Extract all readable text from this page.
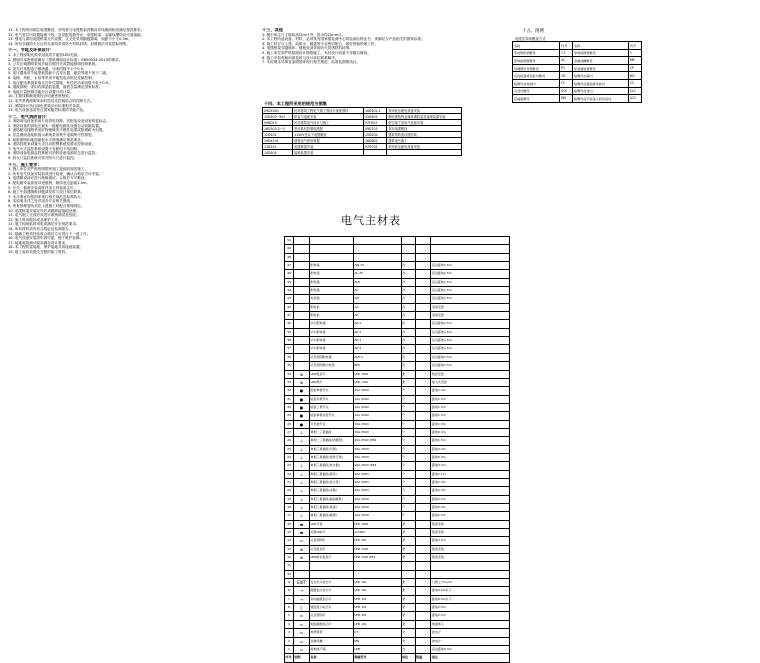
11. 本工程采用铜芯电缆敷设，穿线管与电缆桥架内敷设导线截面积须满足规范要求。
12. 电气竖井内设置接地干线，各层配电箱外壳、电缆桥架、金属线槽均应可靠接地。
13. 强电与弱电电缆桥架分开设置，交叉处采用隔板隔离，间距不小于0.3m。
14. 所有穿越防火分区的孔洞均采用防火材料封堵，封堵做法详见国标图集。
十一、节能及环保设计：
1. 本工程照明光源采用高效节能型LED光源。
2. 照明功率密度值满足《建筑照明设计标准》GB50034-2013的要求。
3. 公共区域照明采用节能自熄开关或智能照明控制系统。
4. 荧光灯具配电子镇流器，功率因数不小于0.9。
5. 变压器选用节能型低损耗干式变压器，能效等级不低于二级。
6. 电梯、风机、水泵等采用节能型电动机及变频控制。
7. 低压配电系统采取无功补偿措施，补偿后功率因数不低于0.9。
8. 谐波抑制：采用有源滤波装置，谐波含量满足国家标准。
9. 电能计量按照功能分区设置分项计量。
10. 主要线路截面按经济电流密度校验。
11. 室外景观照明采用时控及光控相结合的控制方式。
12. 照明设计执行绿色建筑评价标准相关条款。
13. 电气设备选用符合国家能效标准的节能产品。
十二、电气消防设计：
1. 消防用电设备采用专用供电回路，其配电设备设有明显标志。
2. 消防设备的供电在最末一级配电箱处设置自动切换装置。
3. 消防配电线路采用矿物绝缘类不燃性电缆或阻燃耐火电缆。
4. 应急照明及疏散指示系统采用集中电源集中控制型。
5. 疏散照明的地面最低水平照度满足规范要求。
6. 消防控制室设置火灾自动报警系统及联动控制设备。
7. 电气火灾监控系统设置于各配电干线回路。
8. 消防设备电源监控系统对消防设备电源状态进行监控。
9. 防火门监控系统对常开防火门进行监控。
十三、施工要求：
1. 施工单位须严格按照国家施工及验收规范施工。
2. 所有电气设备安装前须进行检查，确认合格后方可安装。
3. 电缆敷设前应进行绝缘测试，合格后方可敷设。
4. 配电箱安装高度详见图例，箱体底边距地1.5m。
5. 开关、插座安装高度详见主材表备注栏。
6. 施工中如遇图纸问题请及时与设计单位联系。
7. 未尽事宜均按国家现行相关规范及标准执行。
8. 本说明未详之处详见各专业相关图纸。
9. 所有预埋管线须在土建施工时配合预埋到位。
10. 电缆桥架安装完毕后须做跨接接地处理。
11. 电气施工完成后须进行系统调试及验收。
12. 施工时须做好成品保护工作。
13. 施工现场临时用电须满足安全规范要求。
14. 所有材料须具有合格证及检测报告。
15. 隐蔽工程须经验收合格后方可进行下一道工序。
16. 电气设备安装须牢固可靠，便于维护检修。
17. 接地电阻测试值须满足设计要求。
18. 本工程防雷接地、保护接地共用接地装置。
19. 竣工验收须提交完整的竣工资料。
十三、其他
1. 图中所注尺寸除标高以m计外，其余均以mm计。
2. 本工程所选设备、材料，必须具有国家级检测中心的检测合格证书，须满足与产品相关的国家标准。
3. 施工时应与土建、给排水、暖通等专业密切配合，做好预留预埋工作。
4. 电缆桥架穿越墙体、楼板处须采用防火封堵材料封堵。
5. 施工单位须严格按照设计图纸施工，未经设计同意不得擅自修改。
6. 施工中如有疑问请及时与设计单位联系解决。
7. 本说明未尽事宜参照国家现行相关规范、标准及图集执行。
十四、本工程所采用的规范与图集
09DX003	民用建筑工程电气施工图设计深度图样	16D202-1	常用低压配电设备安装
15D500~502	防雷与接地安装	15D503	利用建筑物金属体做防雷及接地装置安装
09BD19	民用建筑电气设计与施工	07FD02	防空地下室电气设备安装
16D303-2~3	常用风机控制电路图	09D703	常用电缆敷设
12D101	110kV及以下电缆敷设	15D202	建筑物防雷设施安装
19DX101	建筑电气常用数据	18D802	建筑电气施工
13D101	电缆桥架安装	07D702	常用低压配电设备安装
14D504	接地装置安装		
十五、图例
电缆及导线敷设方式
名称	代号	名称	代号
穿电缆桥架敷设	CT	穿焊接钢管敷设	F
穿焊接钢管敷设	SC	金属线槽敷设	MR
穿硬塑料导管敷设	PC	穿金属软管敷设	CP
沿顶板面或顶板内敷设	CE	暗敷设在墙内	WC
暗敷设在地面内	FC	暗敷设在屋面或顶板内	CC
吊顶内敷设	SCE	暗敷设在柱内	CLC
沿墙面敷设	WS	暗敷设在不能进人的吊顶内	ACC
电气主材表
50						
49						
48						
47		配电箱	AW-1T	台		底边距地1.5m
46		配电箱	AL-1F	台		底边距地1.5m
45		配电箱	ALE	台		底边距地1.5m
44		配电箱	AC	台		底边距地1.5m
43		电表箱	AM	台		底边距地1.5m
42		配电柜	AA	台		落地安装
41		配电柜	AP	台		落地安装
40		动力配电箱	AP-1	台		底边距地1.5m
39		动力配电箱	AP-2	台		底边距地1.5m
38		动力配电箱	AP-3	台		底边距地1.5m
37		动力配电箱	AP-4	台		底边距地1.5m
36		应急照明配电箱	ALE-1	台		底边距地1.5m
35		应急照明集中电源	EPS	台		底边距地1.5m
34	⊗	LED吸顶灯	LED 15W	套		吸顶安装
33	⊗	LED筒灯	LED 12W	套		嵌入式安装
32	●	暗装单极开关	10A 250V	个		距地1.3m
31	●	暗装双极开关	10A 250V	个		距地1.3m
30	●	暗装三极开关	10A 250V	个		距地1.3m
29	●	暗装单极双控开关	10A 250V	个		距地1.3m
28	●	声光控开关	10A 250V	个		距地1.3m
27	⊥	单相二三极插座	10A 250V	个		距地0.3m
26	⊥	单相二三极插座(防溅型)	10A 250V IP54	个		距地1.5m
25	⊥	单相三极插座(空调)	16A 250V	个		距地2.2m
24	⊥	单相三极插座(柜机空调)	16A 250V	个		距地0.3m
23	⊥	单相三极插座(热水器)	16A 250V IP54	个		距地2.2m
22	⊥	单相三极插座(厨房)	10A 250V	个		距地1.1m
21	⊥	单相三极插座(洗衣机)	10A 250V	个		距地1.3m
20	⊥	单相三极插座(冰箱)	10A 250V	个		距地0.3m
19	⊥	单相三极插座(抽油烟机)	10A 250V	个		距地2.2m
18	⊥	单相三极插座(电视)	10A 250V	个		距地0.3m
17	⊥	单相二极插座(剃须)	10A 250V	个		距地1.5m
16	▬	LED灯管	LED 18W	套		吸顶安装
15	▬	双管LED灯	2x18W	套		吸顶安装
14	▭	应急照明灯	LED 3W	套		距地2.5m
13	⊗	应急吸顶灯	LED 15W	套		吸顶安装
12	⊗	LED防水吸顶灯	LED 15W IP54	套		吸顶安装
11						
10						
9	EXIT	安全出口标志灯	LED 1W	套		门框上方0.2m
8	→	疏散指示标志灯	LED 1W	套		距地0.5m以下
7	→	双向疏散指示灯	LED 1W	套		距地0.5m以下
6	▯	楼层显示标志灯	LED 1W	套		距地2.5m
5	▭	应急照明灯	LED 3W	套		距地2.5m
4	▭	地面疏散指示灯	LED 1W	套		地面嵌入
3	▭	电缆桥架	CT	米		按实计
2	▭	金属线槽	MR	米		按实计
1	▭	接地端子箱	LEB	台		底边距地0.3m
序号	图例	名称	规格型号	单位	数量	备注
